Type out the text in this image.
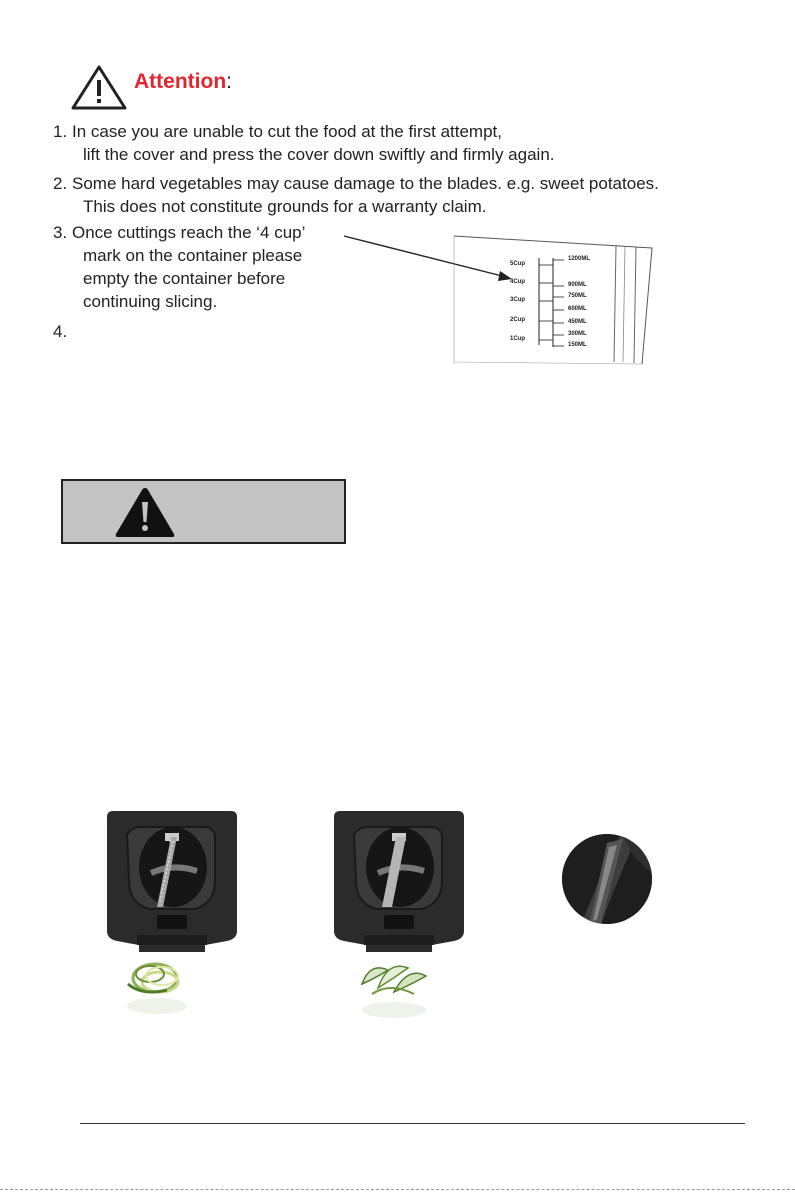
Attention:
1. In case you are unable to cut the food at the first attempt,
lift the cover and press the cover down swiftly and firmly again.
2. Some hard vegetables may cause damage to the blades. e.g. sweet potatoes.
This does not constitute grounds for a warranty claim.
3. Once cuttings reach the ‘4 cup’
mark on the container please
empty the container before
continuing slicing.
4.
5Cup
4Cup
3Cup
2Cup
1Cup
1200ML
900ML
750ML
600ML
450ML
300ML
150ML
